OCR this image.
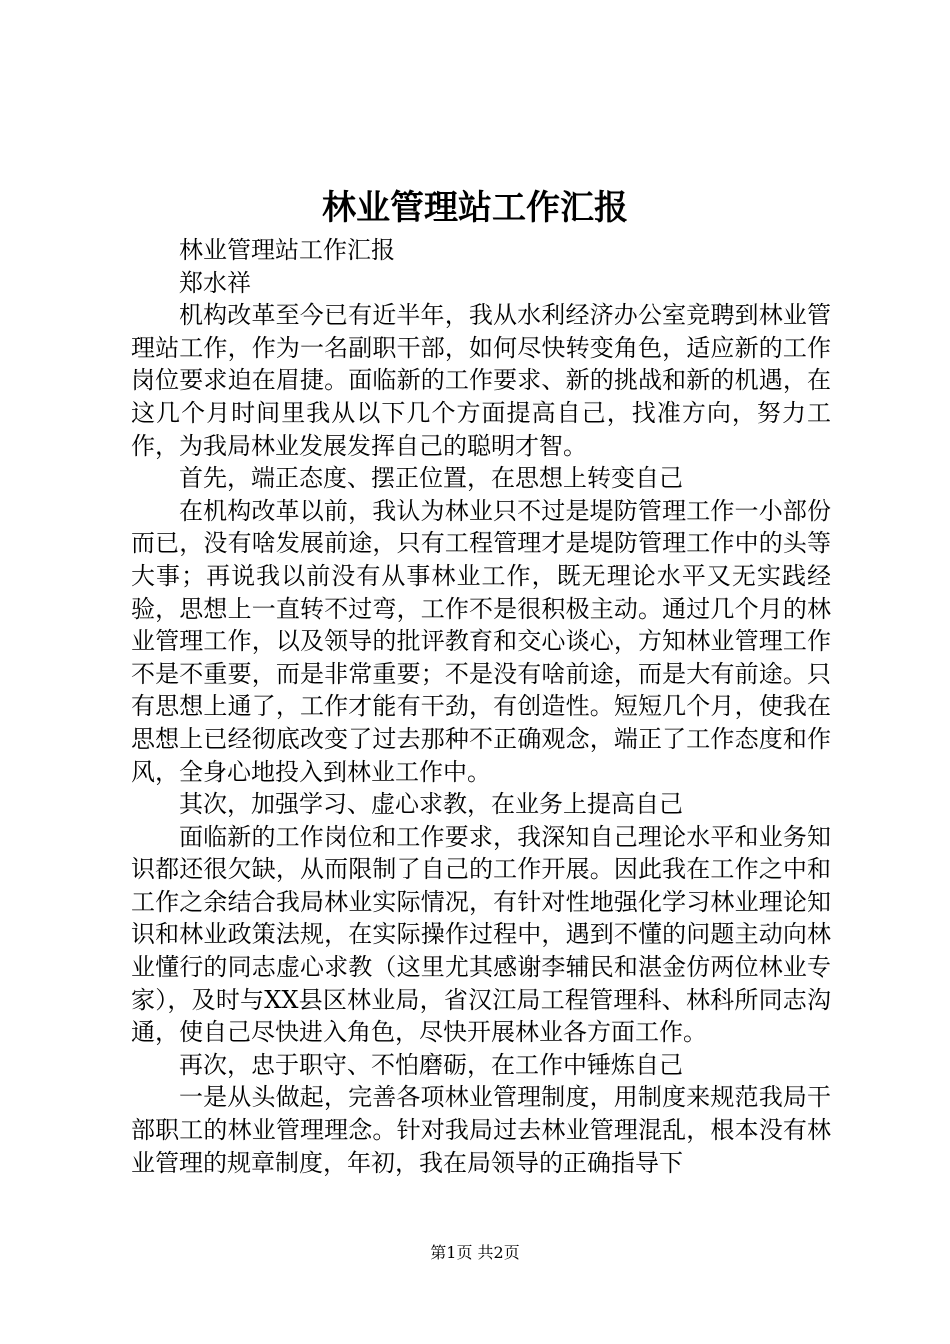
林业管理站工作汇报

林业管理站工作汇报

郑水祥

机构改革至今已有近半年，我从水利经济办公室竞聘到林业管理站工作，作为一名副职干部，如何尽快转变角色，适应新的工作岗位要求迫在眉捷。面临新的工作要求、新的挑战和新的机遇，在这几个月时间里我从以下几个方面提高自己，找准方向，努力工作，为我局林业发展发挥自己的聪明才智。

首先，端正态度、摆正位置，在思想上转变自己

在机构改革以前，我认为林业只不过是堤防管理工作一小部份而已，没有啥发展前途，只有工程管理才是堤防管理工作中的头等大事；再说我以前没有从事林业工作，既无理论水平又无实践经验，思想上一直转不过弯，工作不是很积极主动。通过几个月的林业管理工作，以及领导的批评教育和交心谈心，方知林业管理工作不是不重要，而是非常重要；不是没有啥前途，而是大有前途。只有思想上通了，工作才能有干劲，有创造性。短短几个月，使我在思想上已经彻底改变了过去那种不正确观念，端正了工作态度和作风，全身心地投入到林业工作中。

其次，加强学习、虚心求教，在业务上提高自己

面临新的工作岗位和工作要求，我深知自己理论水平和业务知识都还很欠缺，从而限制了自己的工作开展。因此我在工作之中和工作之余结合我局林业实际情况，有针对性地强化学习林业理论知识和林业政策法规，在实际操作过程中，遇到不懂的问题主动向林业懂行的同志虚心求教（这里尤其感谢李辅民和湛金仿两位林业专家），及时与XX县区林业局，省汉江局工程管理科、林科所同志沟通，使自己尽快进入角色，尽快开展林业各方面工作。

再次，忠于职守、不怕磨砺，在工作中锤炼自己

一是从头做起，完善各项林业管理制度，用制度来规范我局干部职工的林业管理理念。针对我局过去林业管理混乱，根本没有林业管理的规章制度，年初，我在局领导的正确指导下

第1页 共2页
